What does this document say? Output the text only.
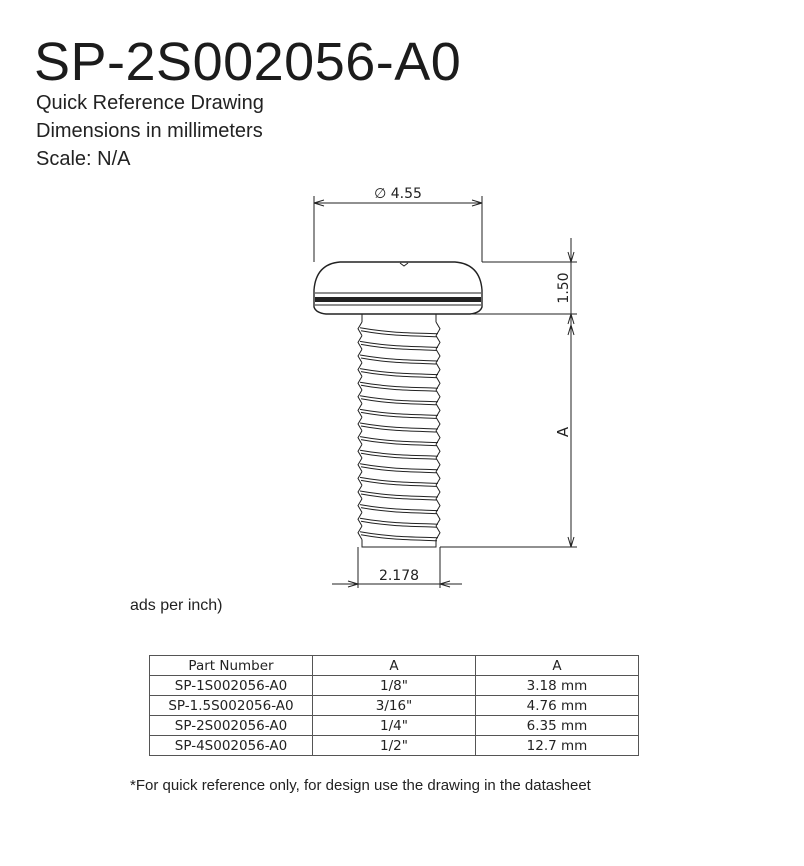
SP-2S002056-A0
Quick Reference Drawing
Dimensions in millimeters
Scale: N/A
∅ 4.55
1.50
A
2.178
ads per inch)
Part Number	A	A
SP-1S002056-A0	1/8"	3.18 mm
SP-1.5S002056-A0	3/16"	4.76 mm
SP-2S002056-A0	1/4"	6.35 mm
SP-4S002056-A0	1/2"	12.7 mm
*For quick reference only, for design use the drawing in the datasheet
